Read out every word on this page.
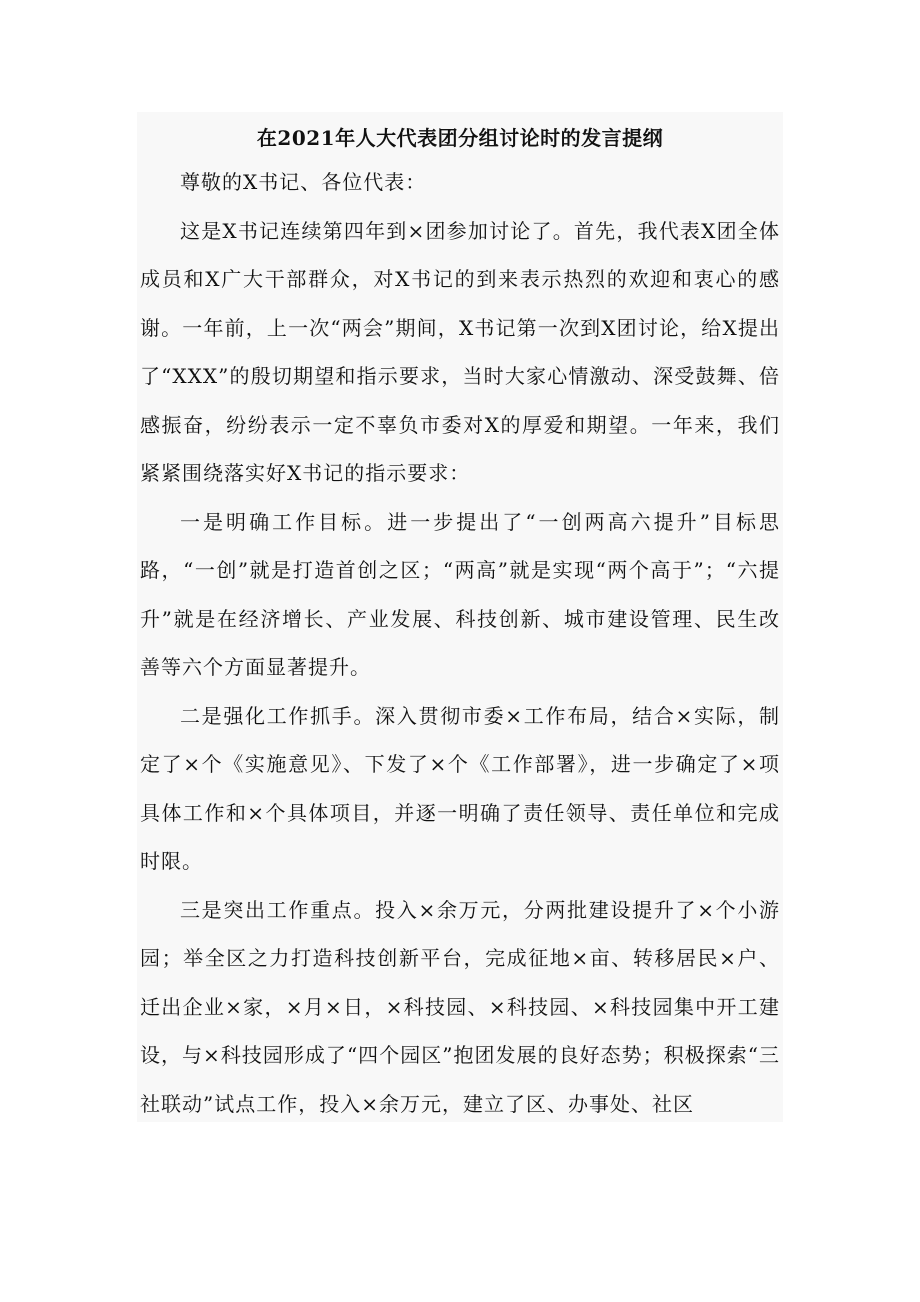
在2021年人大代表团分组讨论时的发言提纲

尊敬的X书记、各位代表：

这是X书记连续第四年到×团参加讨论了。首先，我代表X团全体成员和X广大干部群众，对X书记的到来表示热烈的欢迎和衷心的感谢。一年前，上一次“两会”期间，X书记第一次到X团讨论，给X提出了“XXX”的殷切期望和指示要求，当时大家心情激动、深受鼓舞、倍感振奋，纷纷表示一定不辜负市委对X的厚爱和期望。一年来，我们紧紧围绕落实好X书记的指示要求：

一是明确工作目标。进一步提出了“一创两高六提升”目标思路，“一创”就是打造首创之区；“两高”就是实现“两个高于”；“六提升”就是在经济增长、产业发展、科技创新、城市建设管理、民生改善等六个方面显著提升。

二是强化工作抓手。深入贯彻市委×工作布局，结合×实际，制定了×个《实施意见》、下发了×个《工作部署》，进一步确定了×项具体工作和×个具体项目，并逐一明确了责任领导、责任单位和完成时限。

三是突出工作重点。投入×余万元，分两批建设提升了×个小游园；举全区之力打造科技创新平台，完成征地×亩、转移居民×户、迁出企业×家，×月×日，×科技园、×科技园、×科技园集中开工建设，与×科技园形成了“四个园区”抱团发展的良好态势；积极探索“三社联动”试点工作，投入×余万元，建立了区、办事处、社区
